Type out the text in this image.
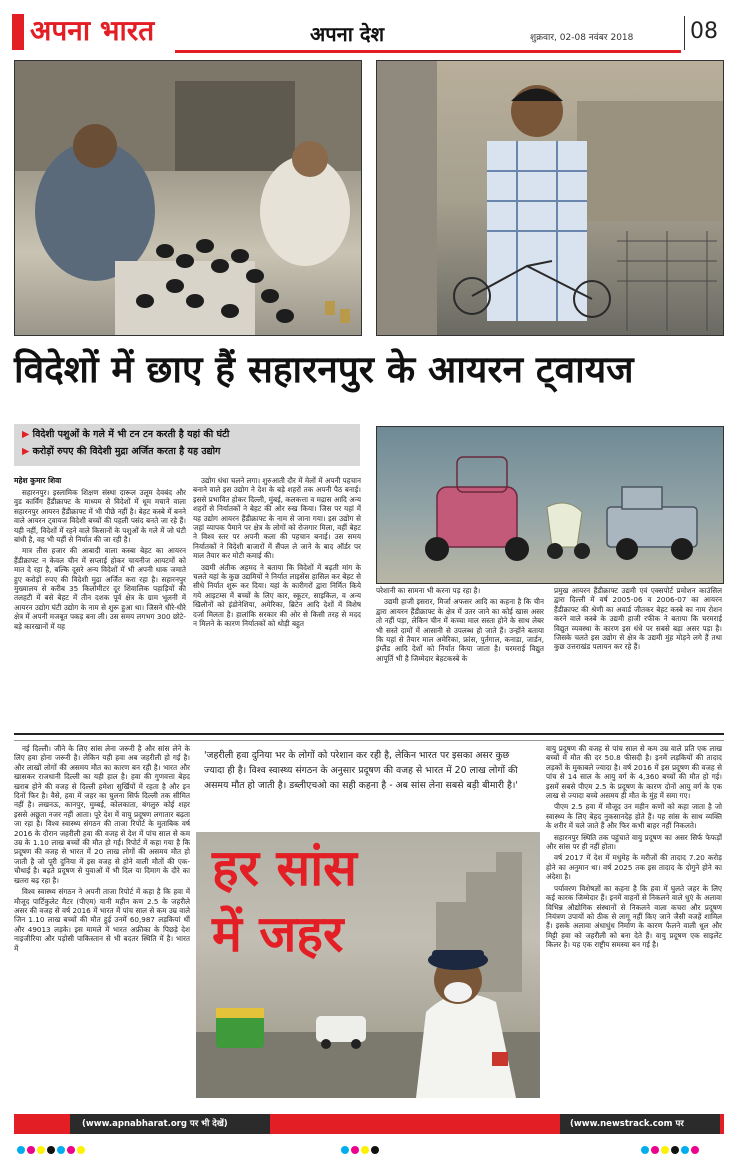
अपना भारत	अपना देश	शुक्रवार, 02-08 नवंबर 2018	08
विदेशों में छाए हैं सहारनपुर के आयरन ट्वायज
▶ विदेशी पशुओं के गले में भी टन टन करती है यहां की घंटी
▶ करोड़ों रुपए की विदेशी मुद्रा अर्जित करता है यह उद्योग
महेश कुमार शिवा

सहारनपुर। इस्लामिक शिक्षण संस्था दारूल उलूम देवबंद और वुड कार्विंग हैंडीक्राफ्ट के माध्यम से विदेशों में धूम मचाने वाला सहारनपुर आयरन हैंडीक्राफ्ट में भी पीछे नहीं है। बेहट कस्बे में बनने वाले आयरन ट्वायज विदेशी बच्चों की पहली पसंद बनते जा रहे हैं। यही नहीं, विदेशों में रहने वाले किसानों के पशुओं के गले में जो घंटी बांधी है, वह भी यहीं से निर्यात की जा रही है।

मात्र तीस हजार की आबादी वाला कस्बा बेहट का आयरन हैंडीक्राफ्ट न केवल चीन में सप्लाई होकर चायनीज आयटमों को मात दे रहा है, बल्कि दूसरे अन्य विदेशों में भी अपनी धाक जमाते हुए करोड़ों रुपए की विदेशी मुद्रा अर्जित करा रहा है। सहारनपुर मुख्यालय से करीब 35 किलोमीटर दूर शिवालिक पहाड़ियों की तलहटी में बसे बेहट में तीन दशक पूर्व क्षेत्र के ग्राम भूलनी में आयरन उद्योग घंटी उद्योग के नाम से शुरू हुआ था। जिसने धीरे-धीरे क्षेत्र में अपनी मजबूत पकड़ बना ली। उस समय लगभग 300 छोटे-बड़े कारखानों में यह

उद्योग धंधा चलने लगा। शुरुआती दौर में मेलों में अपनी पहचान बनाने वाले इस उद्योग ने देश के बड़े शहरों तक अपनी पैठ बनाई। इससे प्रभावित होकर दिल्ली, मुंबई, कलकत्ता व मद्रास आदि अन्य शहरों से निर्यातकों ने बेहट की ओर रुख किया। जिस पर यहां में यह उद्योग आयरन हैंडीक्राफ्ट के नाम से जाना गया। इस उद्योग से जहां व्यापक पैमाने पर क्षेत्र के लोगों को रोजगार मिला, वहीं बेहट ने विश्व स्तर पर अपनी कला की पहचान बनाई। उस समय निर्यातकों ने विदेशी बाजारों में सैंपल ले जाने के बाद ऑर्डर पर माल तैयार कर मोटी कमाई की।

उद्यमी अंतीक अहमद ने बताया कि विदेशों में बढ़ती मांग के चलते यहां के कुछ उद्यमियों ने निर्यात लाइसेंस हासिल कर बेहट से सीधे निर्यात शुरू कर दिया। यहां के कारीगरों द्वारा निर्मित किये गये आइटम्स में बच्चों के लिए कार, स्कूटर, साइकिल, व अन्य खिलौनों को इंडोनेशिया, अमेरिका, ब्रिटेन आदि देशों में विशेष दर्जा मिलता है। हालांकि सरकार की ओर से किसी तरह से मदद न मिलने के कारण निर्यातकों को थोड़ी बहुत

परेशानी का सामना भी करना पड़ रहा है।

उद्यमी हाजी इसरार, मिर्जा अफसर आदि का कहना है कि चीन द्वारा आयरन हैंडीक्राफ्ट के क्षेत्र में उतर जाने का कोई खास असर तो नहीं पड़ा, लेकिन चीन में कच्चा माल सस्ता होने के साथ लेबर भी सस्ते दामों में आसानी से उपलब्ध हो जाते हैं। उन्होंने बताया कि यहां से तैयार माल अमेरिका, फ्रांस, पुर्तगाल, कनाडा, जार्डन, इंग्लैंड आदि देशों को निर्यात किया जाता है। चरमराई विद्युत आपूर्ति भी है जिम्मेदार बेहटकस्बे के

प्रमुख आयरन हैंडीक्राफ्ट उद्यमी एवं एक्सपोर्ट प्रमोशन काउंसिल द्वारा दिल्ली में वर्ष 2005-06 व 2006-07 का आयरन हैंडीक्राफ्ट की श्रेणी का अवार्ड जीतकर बेहट कस्बे का नाम रोशन करने वाले कस्बे के उद्यमी हाजी रफीक ने बताया कि चरमराई विद्युत व्यवस्था के कारण इस धंधे पर सबसे बड़ा असर पड़ा है। जिसके चलते इस उद्योग से क्षेत्र के उद्यमी मुंह मोड़ने लगे हैं तथा कुछ उत्तराखंड पलायन कर रहे हैं।

नई दिल्ली। जीने के लिए सांस लेना जरूरी है और सांस लेने के लिए हवा होना जरूरी है। लेकिन यही हवा अब जहरीली हो गई है। और लाखों लोगों की असमय मौत का कारण बन रही है। भारत और खासकर राजधानी दिल्ली का यही हाल है। हवा की गुणवत्ता बेहद खराब होने की वजह से दिल्ली हमेशा सुर्खियों में रहता है और इन दिनों फिर है। वैसे, हवा में जहर का घुलना सिर्फ दिल्ली तक सीमित नहीं है। लखनऊ, कानपुर, मुम्बई, कोलकाता, बंगलुरु कोई शहर इससे अछूता नजर नहीं आता। पूरे देश में वायु प्रदूषण लगातार बढ़ता जा रहा है। विश्व स्वास्थ्य संगठन की ताजा रिपोर्ट के मुताबिक वर्ष 2016 के दौरान जहरीली हवा की वजह से देश में पांच साल से कम उम्र के 1.10 लाख बच्चों की मौत हो गई। रिपोर्ट में कहा गया है कि प्रदूषण की वजह से भारत में 20 लाख लोगों की असमय मौत हो जाती है जो पूरी दुनिया में इस वजह से होने वाली मौतों की एक-चौथाई है। बढ़ते प्रदूषण से युवाओं में भी दिल या दिमाग के दौरे का खतरा बढ़ रहा है।

विश्व स्वास्थ्य संगठन ने अपनी ताजा रिपोर्ट में कहा है कि हवा में मौजूद पार्टिकुलेट मैटर (पीएम) यानी महीन कण 2.5 के जहरीले असर की वजह से वर्ष 2016 में भारत में पांच साल से कम उम्र वाले जिन 1.10 लाख बच्चों की मौत हुई उनमें 60,987 लड़कियां थीं और 49013 लड़के। इस मामले में भारत अफ्रीका के पिछड़े देश नाइजीरिया और पड़ोसी पाकिस्तान से भी बदतर स्थिति में है। भारत में

'जहरीली हवा दुनिया भर के लोगों को परेशान कर रही है, लेकिन भारत पर इसका असर कुछ ज्यादा ही है। विश्व स्वास्थ्य संगठन के अनुसार प्रदूषण की वजह से भारत में 20 लाख लोगों की असमय मौत हो जाती है। डब्लीएचओ का सही कहना है - अब सांस लेना सबसे बड़ी बीमारी है।'
हर सांस
में जहर

वायु प्रदूषण की वजह से पांच साल से कम उम्र वाले प्रति एक लाख बच्चों में मौत की दर 50.8 फीसदी है। इनमें लड़कियों की तादाद लड़कों के मुकाबले ज्यादा है। वर्ष 2016 में इस प्रदूषण की वजह से पांच से 14 साल के आयु वर्ग के 4,360 बच्चों की मौत हो गई। इसमें सबसे पीएम 2.5 के प्रदूषण के कारण दोनों आयु वर्ग के एक लाख से ज्यादा बच्चे असमय ही मौत के मुंह में समा गए।

पीएम 2.5 हवा में मौजूद उन महीन कणों को कहा जाता है जो स्वास्थ्य के लिए बेहद नुकसानदेह होते हैं। यह सांस के साथ व्यक्ति के शरीर में चले जाते हैं और फिर कभी बाहर नहीं निकलते।

सहारनपुर स्थिति तक पहुंचाते वायु प्रदूषण का असर सिर्फ फेफड़ों और सांस पर ही नहीं होता।

वर्ष 2017 में देश में मधुमेह के मरीजों की तादाद 7.20 करोड़ होने का अनुमान था। वर्ष 2025 तक इस तादाद के दोगुने होने का अंदेशा है।

पर्यावरण विशेषज्ञों का कहना है कि हवा में घुलते जहर के लिए कई कारक जिम्मेदार हैं। इनमें वाहनों से निकलने वाले धुएं के अलावा विभिन्न औद्योगिक संस्थानों से निकलने वाला कचरा और प्रदूषण नियंत्रण उपायों को ठीक से लागू नहीं किए जाने जैसी वजहें शामिल हैं। इसके अलावा अंधाधुंध निर्माण के कारण फैलने वाली धूल और मिट्टी हवा को जहरीली को बना देते हैं। वायु प्रदूषण एक साइलेंट किलर है। यह एक राष्ट्रीय समस्या बन गई है।

(www.apnabharat.org पर भी देखें)	(www.newstrack.com पर
